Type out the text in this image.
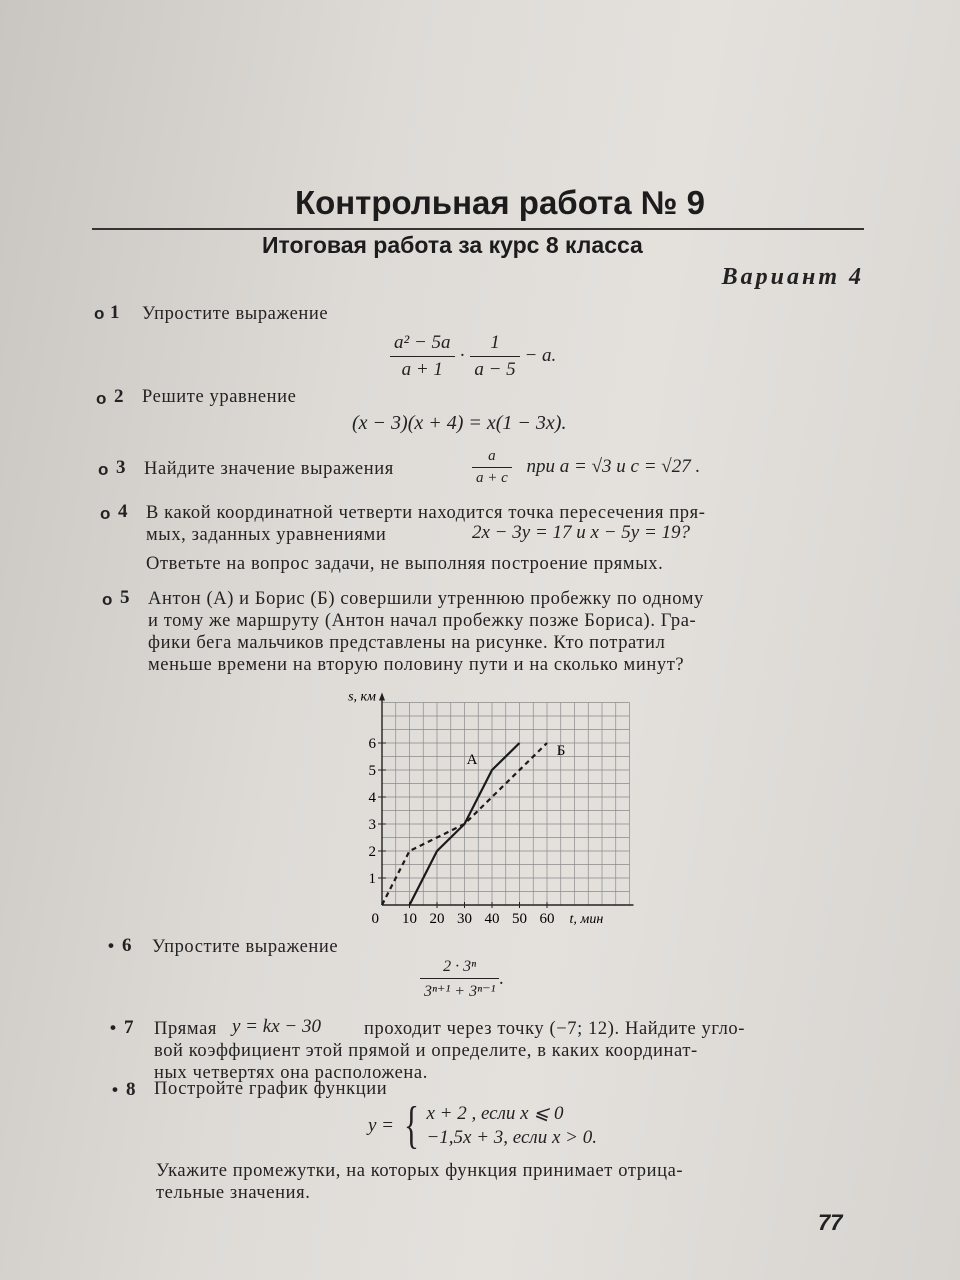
Контрольная работа № 9
Итоговая работа за курс 8 класса
Вариант 4
o 1 Упростите выражение
$\frac{\text{a² − 5a}}{a + 1} \cdot \frac{1}{a - 5} - a$.
o 2 Решите уравнение
(x − 3)(x + 4) = x(1 − 3x).
o 3 Найдите значение выражения	$\frac{a}{a + c}$ при a = √3 и c = √27 .
o 4 В какой координатной четверти находится точка пересечения пря-
мых, заданных уравнениями	2x − 3y = 17 и x − 5y = 19?
Ответьте на вопрос задачи, не выполняя построение прямых.
o 5 Антон (А) и Борис (Б) совершили утреннюю пробежку по одному
и тому же маршруту (Антон начал пробежку позже Бориса). Гра-
фики бега мальчиков представлены на рисунке. Кто потратил
меньше времени на вторую половину пути и на сколько минут?
0 10 20 30 40 50 60
1
2
3
4
5
6
t, мин
s, км
А
Б
• 6 Упростите выражение
$\frac{\text{2 · 3ⁿ}}{\text{3ⁿ⁺¹ + 3ⁿ⁻¹}}$ .
• 7 Прямая y = kx − 30 проходит через точку (−7; 12). Найдите угло-
вой коэффициент этой прямой и определите, в каких координат-
ных четвертях она расположена.
• 8 Постройте график функции
y = { x + 2 , если x ⩽ 0
−1,5x + 3, если x > 0.
Укажите промежутки, на которых функция принимает отрица-
тельные значения.
77
